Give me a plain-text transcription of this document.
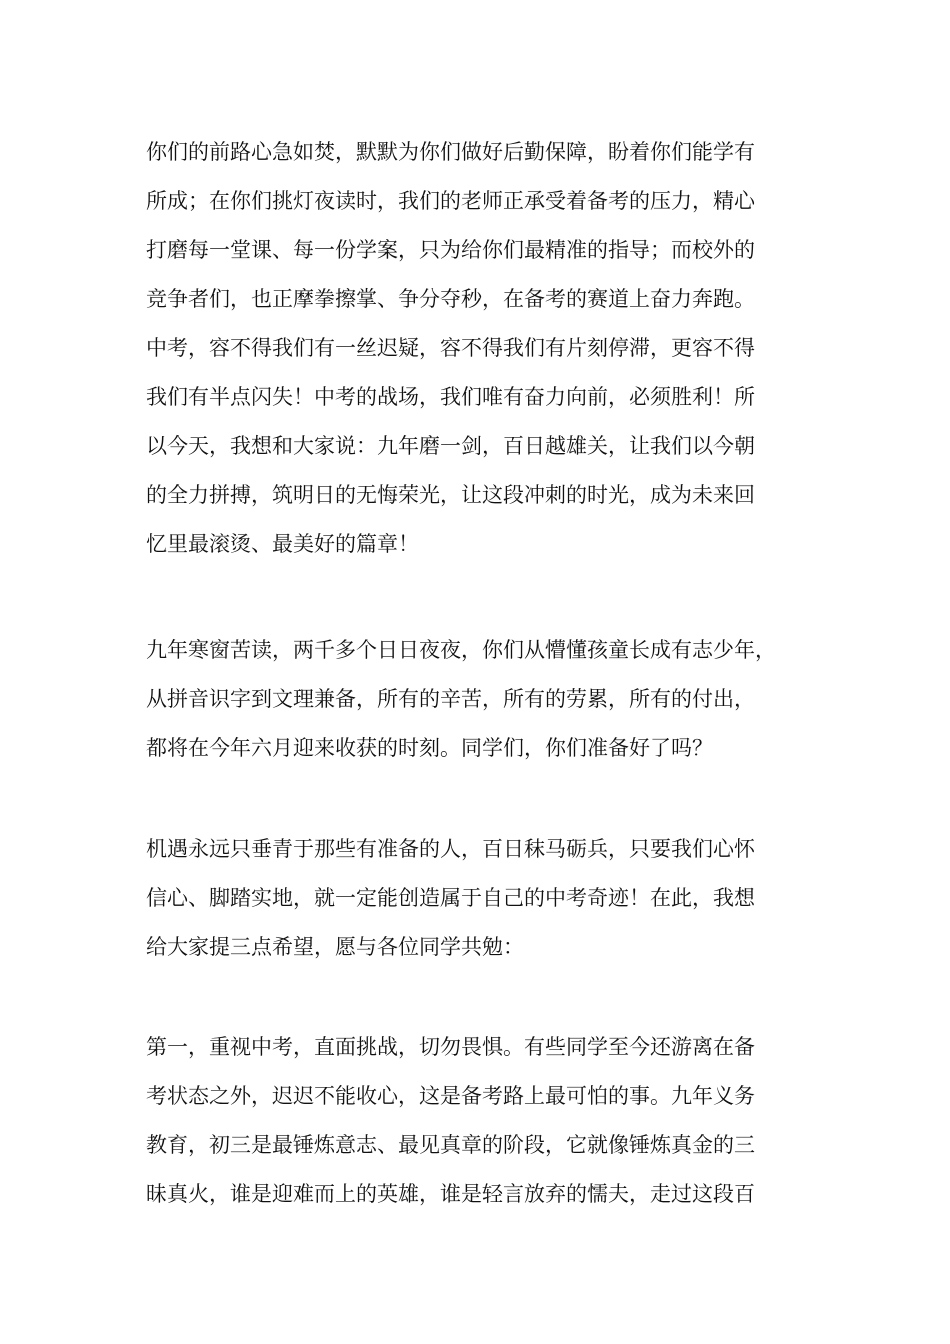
你们的前路心急如焚，默默为你们做好后勤保障，盼着你们能学有
所成；在你们挑灯夜读时，我们的老师正承受着备考的压力，精心
打磨每一堂课、每一份学案，只为给你们最精准的指导；而校外的
竞争者们，也正摩拳擦掌、争分夺秒，在备考的赛道上奋力奔跑。
中考，容不得我们有一丝迟疑，容不得我们有片刻停滞，更容不得
我们有半点闪失！中考的战场，我们唯有奋力向前，必须胜利！所
以今天，我想和大家说：九年磨一剑，百日越雄关，让我们以今朝
的全力拼搏，筑明日的无悔荣光，让这段冲刺的时光，成为未来回
忆里最滚烫、最美好的篇章！
九年寒窗苦读，两千多个日日夜夜，你们从懵懂孩童长成有志少年，
从拼音识字到文理兼备，所有的辛苦，所有的劳累，所有的付出，
都将在今年六月迎来收获的时刻。同学们，你们准备好了吗？
机遇永远只垂青于那些有准备的人，百日秣马砺兵，只要我们心怀
信心、脚踏实地，就一定能创造属于自己的中考奇迹！在此，我想
给大家提三点希望，愿与各位同学共勉：
第一，重视中考，直面挑战，切勿畏惧。有些同学至今还游离在备
考状态之外，迟迟不能收心，这是备考路上最可怕的事。九年义务
教育，初三是最锤炼意志、最见真章的阶段，它就像锤炼真金的三
昧真火，谁是迎难而上的英雄，谁是轻言放弃的懦夫，走过这段百
